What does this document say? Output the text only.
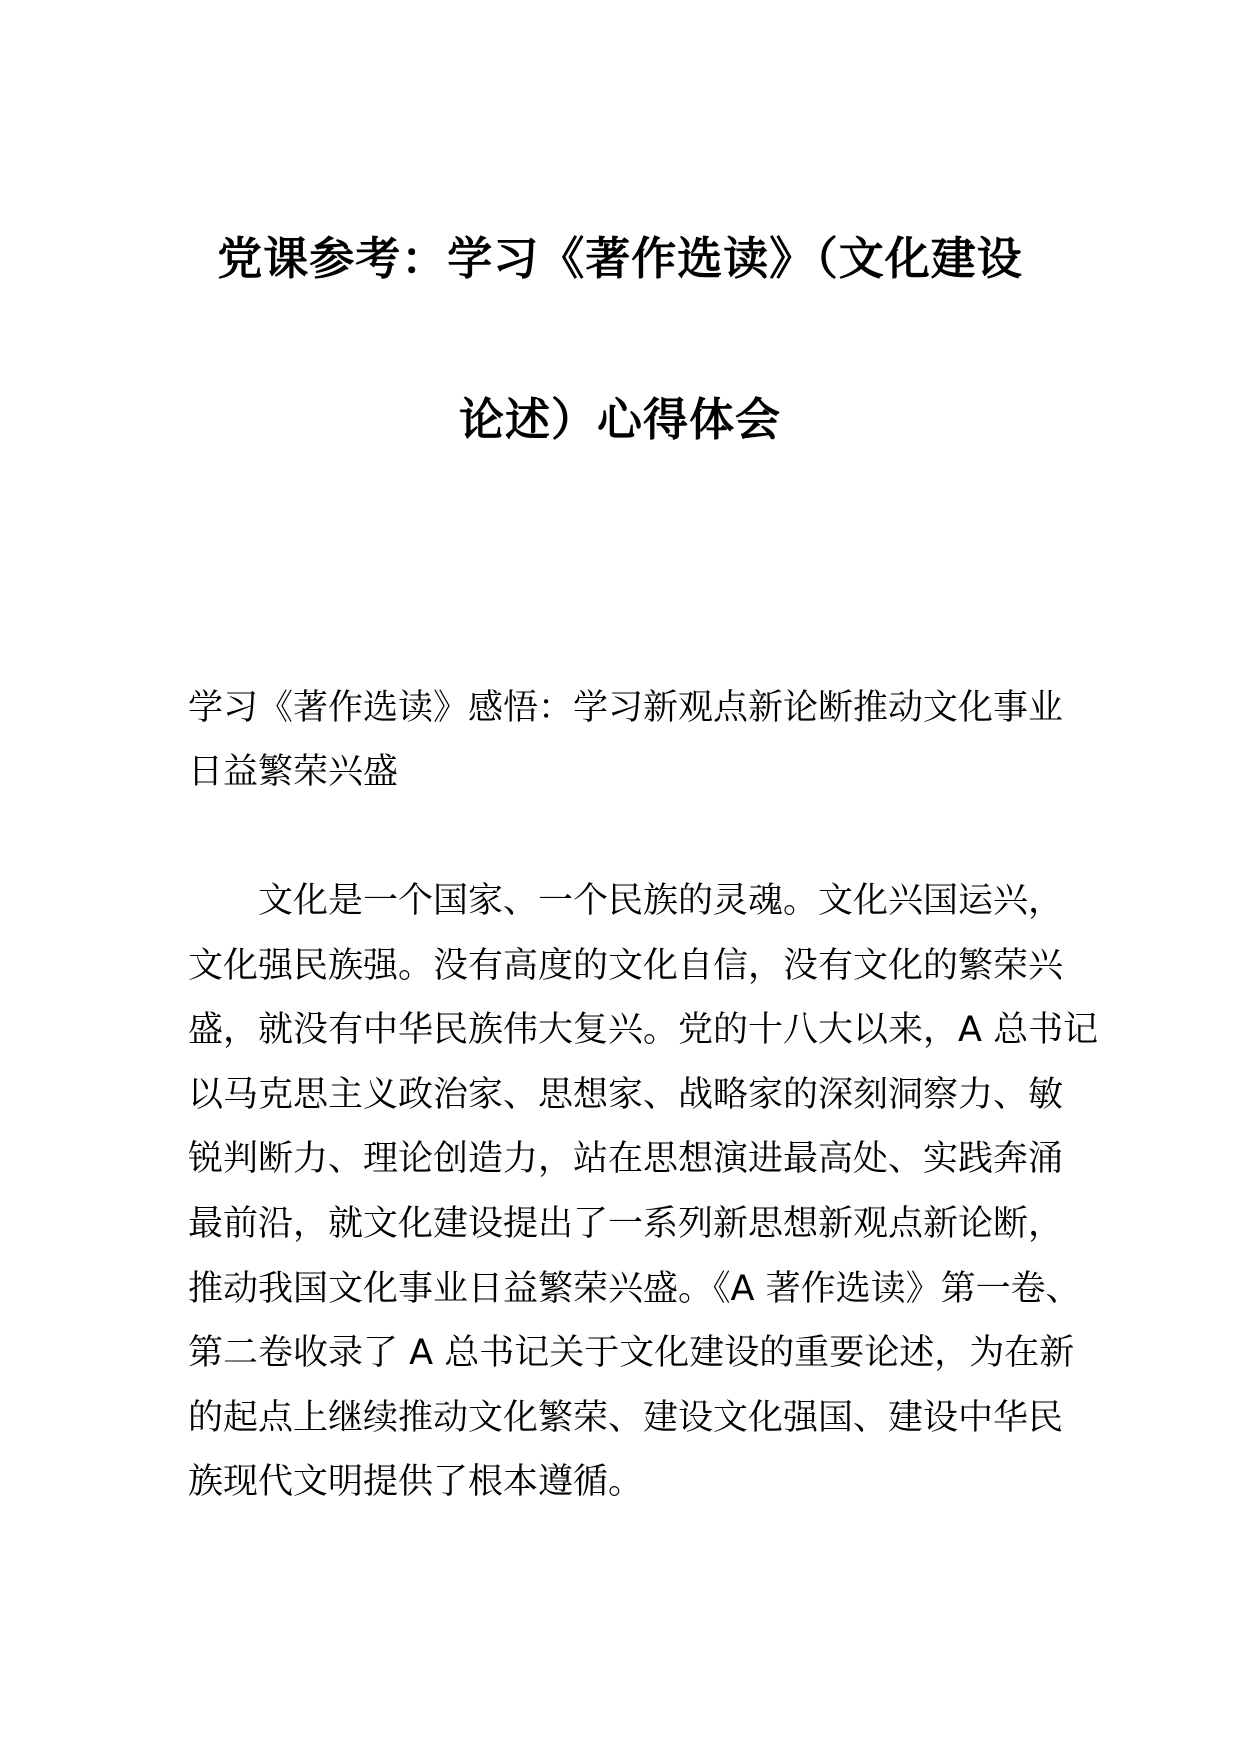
党课参考：学习《著作选读》（文化建设
论述）心得体会

学习《著作选读》感悟：学习新观点新论断推动文化事业
日益繁荣兴盛

文化是一个国家、一个民族的灵魂。文化兴国运兴，
文化强民族强。没有高度的文化自信，没有文化的繁荣兴
盛，就没有中华民族伟大复兴。党的十八大以来，A 总书记
以马克思主义政治家、思想家、战略家的深刻洞察力、敏
锐判断力、理论创造力，站在思想演进最高处、实践奔涌
最前沿，就文化建设提出了一系列新思想新观点新论断，
推动我国文化事业日益繁荣兴盛。《A 著作选读》第一卷、
第二卷收录了 A 总书记关于文化建设的重要论述，为在新
的起点上继续推动文化繁荣、建设文化强国、建设中华民
族现代文明提供了根本遵循。
